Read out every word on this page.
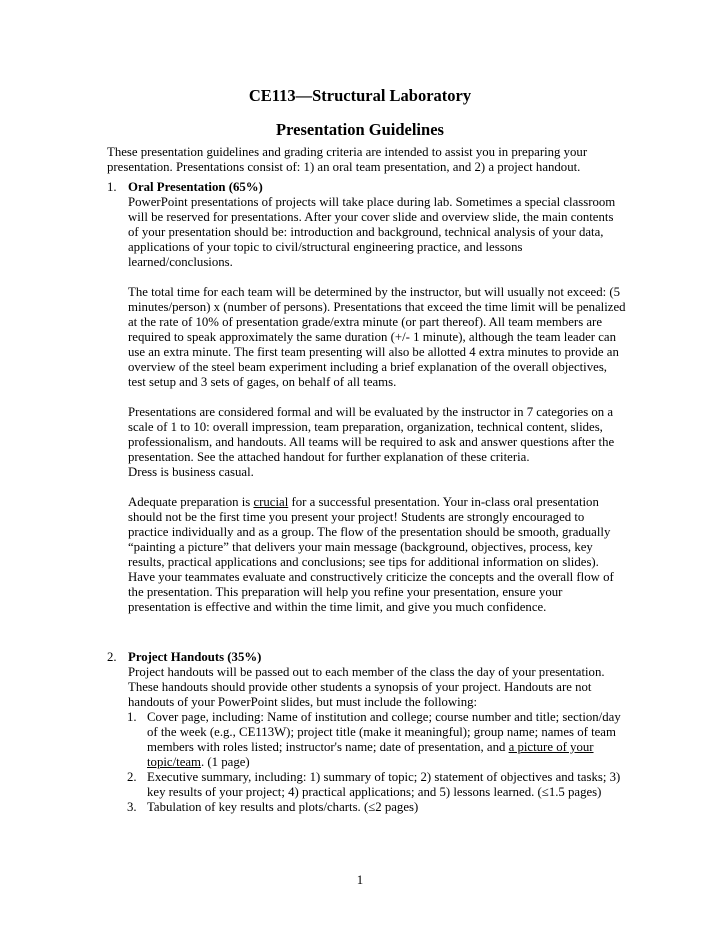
CE113—Structural Laboratory
Presentation Guidelines

These presentation guidelines and grading criteria are intended to assist you in preparing your presentation. Presentations consist of: 1) an oral team presentation, and 2) a project handout.

1. Oral Presentation (65%)

PowerPoint presentations of projects will take place during lab. Sometimes a special classroom will be reserved for presentations. After your cover slide and overview slide, the main contents of your presentation should be: introduction and background, technical analysis of your data, applications of your topic to civil/structural engineering practice, and lessons learned/conclusions.

The total time for each team will be determined by the instructor, but will usually not exceed: (5 minutes/person) x (number of persons). Presentations that exceed the time limit will be penalized at the rate of 10% of presentation grade/extra minute (or part thereof). All team members are required to speak approximately the same duration (+/- 1 minute), although the team leader can use an extra minute. The first team presenting will also be allotted 4 extra minutes to provide an overview of the steel beam experiment including a brief explanation of the overall objectives, test setup and 3 sets of gages, on behalf of all teams.

Presentations are considered formal and will be evaluated by the instructor in 7 categories on a scale of 1 to 10: overall impression, team preparation, organization, technical content, slides, professionalism, and handouts. All teams will be required to ask and answer questions after the presentation. See the attached handout for further explanation of these criteria.

Dress is business casual.

Adequate preparation is crucial for a successful presentation. Your in-class oral presentation should not be the first time you present your project! Students are strongly encouraged to practice individually and as a group. The flow of the presentation should be smooth, gradually “painting a picture” that delivers your main message (background, objectives, process, key results, practical applications and conclusions; see tips for additional information on slides). Have your teammates evaluate and constructively criticize the concepts and the overall flow of the presentation. This preparation will help you refine your presentation, ensure your presentation is effective and within the time limit, and give you much confidence.

2. Project Handouts (35%)

Project handouts will be passed out to each member of the class the day of your presentation. These handouts should provide other students a synopsis of your project. Handouts are not handouts of your PowerPoint slides, but must include the following:

1. Cover page, including: Name of institution and college; course number and title; section/day of the week (e.g., CE113W); project title (make it meaningful); group name; names of team members with roles listed; instructor's name; date of presentation, and a picture of your topic/team. (1 page)
2. Executive summary, including: 1) summary of topic; 2) statement of objectives and tasks; 3) key results of your project; 4) practical applications; and 5) lessons learned. (≤1.5 pages)
3. Tabulation of key results and plots/charts. (≤2 pages)
1
